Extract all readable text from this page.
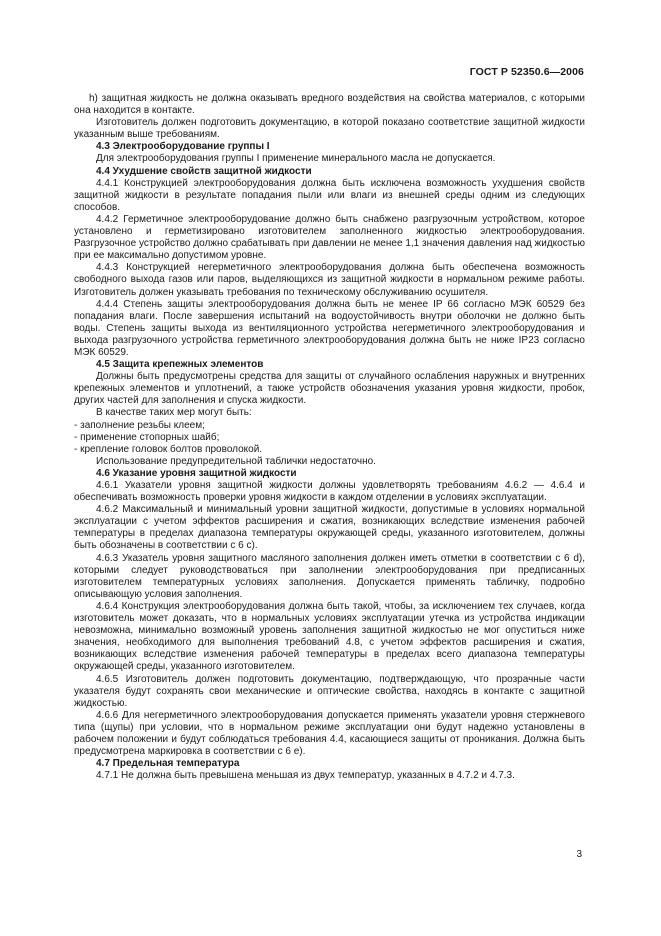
ГОСТ Р 52350.6—2006

h) защитная жидкость не должна оказывать вредного воздействия на свойства материалов, с которыми она находится в контакте.

Изготовитель должен подготовить документацию, в которой показано соответствие защитной жидкости указанным выше требованиям.

4.3 Электрооборудование группы I

Для электрооборудования группы I применение минерального масла не допускается.

4.4 Ухудшение свойств защитной жидкости

4.4.1 Конструкцией электрооборудования должна быть исключена возможность ухудшения свойств защитной жидкости в результате попадания пыли или влаги из внешней среды одним из следующих способов.

4.4.2 Герметичное электрооборудование должно быть снабжено разгрузочным устройством, которое установлено и герметизировано изготовителем заполненного жидкостью электрооборудования. Разгрузочное устройство должно срабатывать при давлении не менее 1,1 значения давления над жидкостью при ее максимально допустимом уровне.

4.4.3 Конструкцией негерметичного электрооборудования должна быть обеспечена возможность свободного выхода газов или паров, выделяющихся из защитной жидкости в нормальном режиме работы. Изготовитель должен указывать требования по техническому обслуживанию осушителя.

4.4.4 Степень защиты электрооборудования должна быть не менее IP 66 согласно МЭК 60529 без попадания влаги. После завершения испытаний на водоустойчивость внутри оболочки не должно быть воды. Степень защиты выхода из вентиляционного устройства негерметичного электрооборудования и выхода разгрузочного устройства герметичного электрооборудования должна быть не ниже IP23 согласно МЭК 60529.

4.5 Защита крепежных элементов

Должны быть предусмотрены средства для защиты от случайного ослабления наружных и внутренних крепежных элементов и уплотнений, а также устройств обозначения указания уровня жидкости, пробок, других частей для заполнения и спуска жидкости.

В качестве таких мер могут быть:

- заполнение резьбы клеем;

- применение стопорных шайб;

- крепление головок болтов проволокой.

Использование предупредительной таблички недостаточно.

4.6 Указание уровня защитной жидкости

4.6.1 Указатели уровня защитной жидкости должны удовлетворять требованиям 4.6.2 — 4.6.4 и обеспечивать возможность проверки уровня жидкости в каждом отделении в условиях эксплуатации.

4.6.2 Максимальный и минимальный уровни защитной жидкости, допустимые в условиях нормальной эксплуатации с учетом эффектов расширения и сжатия, возникающих вследствие изменения рабочей температуры в пределах диапазона температуры окружающей среды, указанного изготовителем, должны быть обозначены в соответствии с 6 с).

4.6.3 Указатель уровня защитного масляного заполнения должен иметь отметки в соответствии с 6 d), которыми следует руководствоваться при заполнении электрооборудования при предписанных изготовителем температурных условиях заполнения. Допускается применять табличку, подробно описывающую условия заполнения.

4.6.4 Конструкция электрооборудования должна быть такой, чтобы, за исключением тех случаев, когда изготовитель может доказать, что в нормальных условиях эксплуатации утечка из устройства индикации невозможна, минимально возможный уровень заполнения защитной жидкостью не мог опуститься ниже значения, необходимого для выполнения требований 4.8, с учетом эффектов расширения и сжатия, возникающих вследствие изменения рабочей температуры в пределах всего диапазона температуры окружающей среды, указанного изготовителем.

4.6.5 Изготовитель должен подготовить документацию, подтверждающую, что прозрачные части указателя будут сохранять свои механические и оптические свойства, находясь в контакте с защитной жидкостью.

4.6.6 Для негерметичного электрооборудования допускается применять указатели уровня стержневого типа (щупы) при условии, что в нормальном режиме эксплуатации они будут надежно установлены в рабочем положении и будут соблюдаться требования 4.4, касающиеся защиты от проникания. Должна быть предусмотрена маркировка в соответствии с 6 е).

4.7 Предельная температура

4.7.1 Не должна быть превышена меньшая из двух температур, указанных в 4.7.2 и 4.7.3.

3
